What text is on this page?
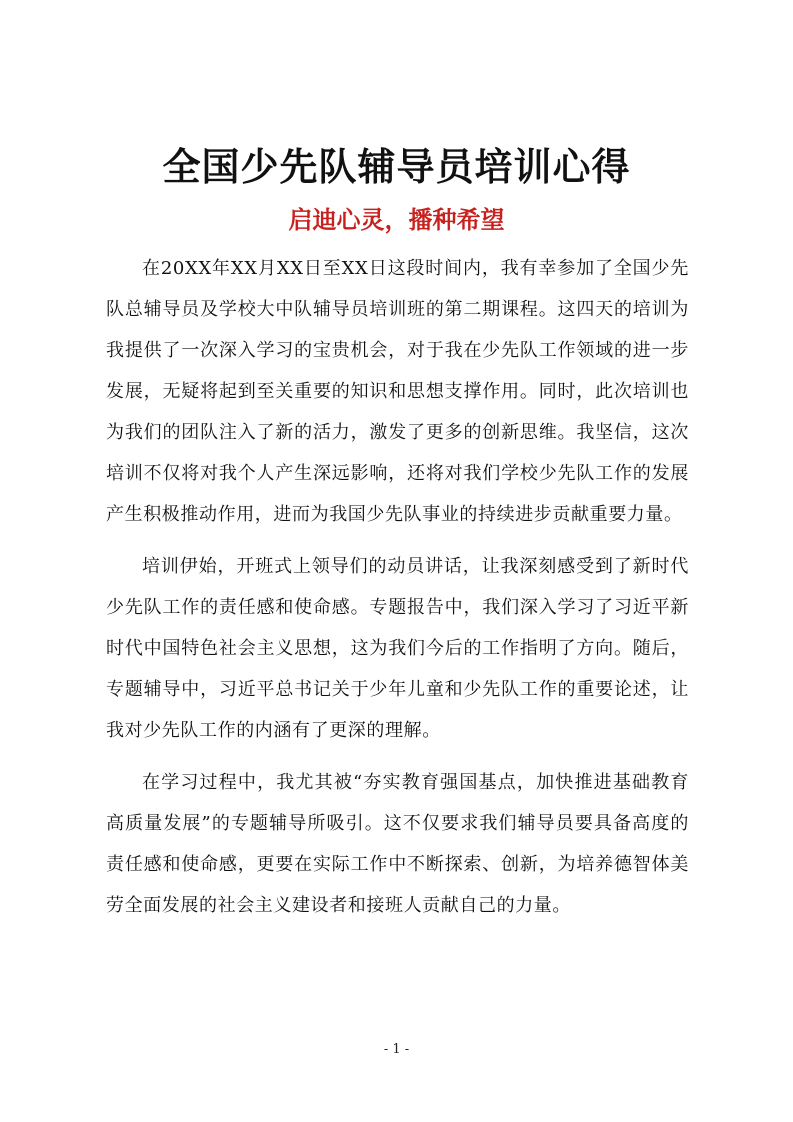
全国少先队辅导员培训心得
启迪心灵，播种希望

在20XX年XX月XX日至XX日这段时间内，我有幸参加了全国少先队总辅导员及学校大中队辅导员培训班的第二期课程。这四天的培训为我提供了一次深入学习的宝贵机会，对于我在少先队工作领域的进一步发展，无疑将起到至关重要的知识和思想支撑作用。同时，此次培训也为我们的团队注入了新的活力，激发了更多的创新思维。我坚信，这次培训不仅将对我个人产生深远影响，还将对我们学校少先队工作的发展产生积极推动作用，进而为我国少先队事业的持续进步贡献重要力量。

培训伊始，开班式上领导们的动员讲话，让我深刻感受到了新时代少先队工作的责任感和使命感。专题报告中，我们深入学习了习近平新时代中国特色社会主义思想，这为我们今后的工作指明了方向。随后，专题辅导中，习近平总书记关于少年儿童和少先队工作的重要论述，让我对少先队工作的内涵有了更深的理解。

在学习过程中，我尤其被“夯实教育强国基点，加快推进基础教育高质量发展”的专题辅导所吸引。这不仅要求我们辅导员要具备高度的责任感和使命感，更要在实际工作中不断探索、创新，为培养德智体美劳全面发展的社会主义建设者和接班人贡献自己的力量。

- 1 -
